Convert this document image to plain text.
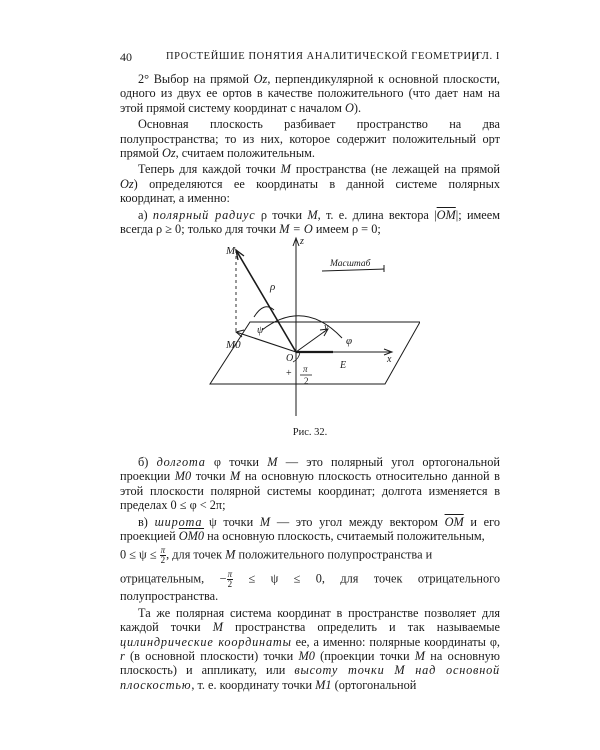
40	ПРОСТЕЙШИЕ ПОНЯТИЯ АНАЛИТИЧЕСКОЙ ГЕОМЕТРИИ
[ГЛ. I

2° Выбор на прямой Oz, перпендикулярной к основной плоскости, одного из двух ее ортов в качестве положительного (что дает нам на этой прямой систему координат с началом O).

Основная плоскость разбивает пространство на два полупространства; то из них, которое содержит положительный орт прямой Oz, считаем положительным.

Теперь для каждой точки M пространства (не лежащей на прямой Oz) определяются ее координаты в данной системе полярных координат, а именно:

а) полярный радиус ρ точки M, т. е. длина вектора $|\overline{OM}|$; имеем всегда ρ ≥ 0; только для точки M = O имеем ρ = 0;

M
z
ρ
Масштаб
M0
ψ	y
φ
O
E
x
+ π
2
Рис. 32.

б) долгота φ точки M — это полярный угол ортогональной проекции M0 точки M на основную плоскость относительно данной в этой плоскости полярной системы координат; долгота изменяется в пределах 0 ≤ φ < 2π;

в) широта ψ точки M — это угол между вектором $\overline{OM}$ и его проекцией OM0 на основную плоскость, считаемый положительным,
$0 \le \psi \le \frac{\pi}{2}$ , для точек M положительного полупространства и
отрицательным, − $\frac{\pi}{2} \le \psi \le 0$, для точек отрицательного полупространства.

Та же полярная система координат в пространстве позволяет для каждой точки M пространства определить и так называемые цилиндрические координаты ее, а именно: полярные координаты φ, r (в основной плоскости) точки M0 (проекции точки M на основную плоскость) и аппликату, или высоту точки M над основной плоскостью, т. е. координату точки M1 (ортогональной
